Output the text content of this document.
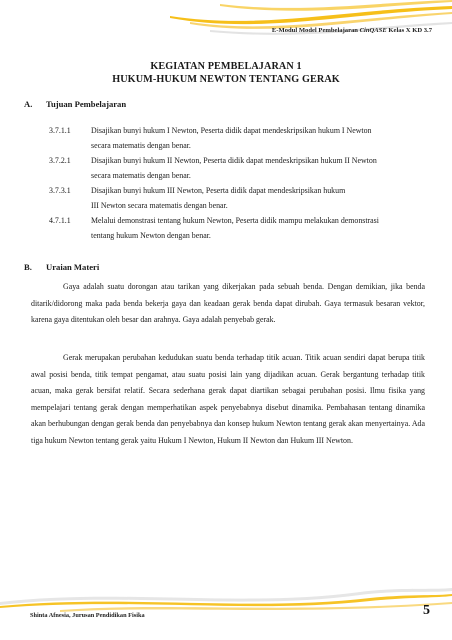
E-Modul Model Pembelajaran CinQASE Kelas X KD 3.7
KEGIATAN PEMBELAJARAN 1
HUKUM-HUKUM NEWTON TENTANG GERAK
A. Tujuan Pembelajaran
3.7.1.1	Disajikan bunyi hukum I Newton, Peserta didik dapat mendeskripsikan hukum I Newton
secara matematis dengan benar.
3.7.2.1	Disajikan bunyi hukum II Newton, Peserta didik dapat mendeskripsikan hukum II Newton
secara matematis dengan benar.
3.7.3.1	Disajikan bunyi hukum III Newton, Peserta didik dapat mendeskripsikan hukum
III Newton secara matematis dengan benar.
4.7.1.1	Melalui demonstrasi tentang hukum Newton, Peserta didik mampu melakukan demonstrasi
tentang hukum Newton dengan benar.
B. Uraian Materi
Gaya adalah suatu dorongan atau tarikan yang dikerjakan pada sebuah benda. Dengan demikian, jika benda ditarik/didorong maka pada benda bekerja gaya dan keadaan gerak benda dapat dirubah. Gaya termasuk besaran vektor, karena gaya ditentukan oleh besar dan arahnya. Gaya adalah penyebab gerak.
Gerak merupakan perubahan kedudukan suatu benda terhadap titik acuan. Titik acuan sendiri dapat berupa titik awal posisi benda, titik tempat pengamat, atau suatu posisi lain yang dijadikan acuan. Gerak bergantung terhadap titik acuan, maka gerak bersifat relatif. Secara sederhana gerak dapat diartikan sebagai perubahan posisi. Ilmu fisika yang mempelajari tentang gerak dengan memperhatikan aspek penyebabnya disebut dinamika. Pembahasan tentang dinamika akan berhubungan dengan gerak benda dan penyebabnya dan konsep hukum Newton tentang gerak akan menyertainya. Ada tiga hukum Newton tentang gerak yaitu Hukum I Newton, Hukum II Newton dan Hukum III Newton.
Shinta Afnesia, Jurusan Pendidikan Fisika	5
